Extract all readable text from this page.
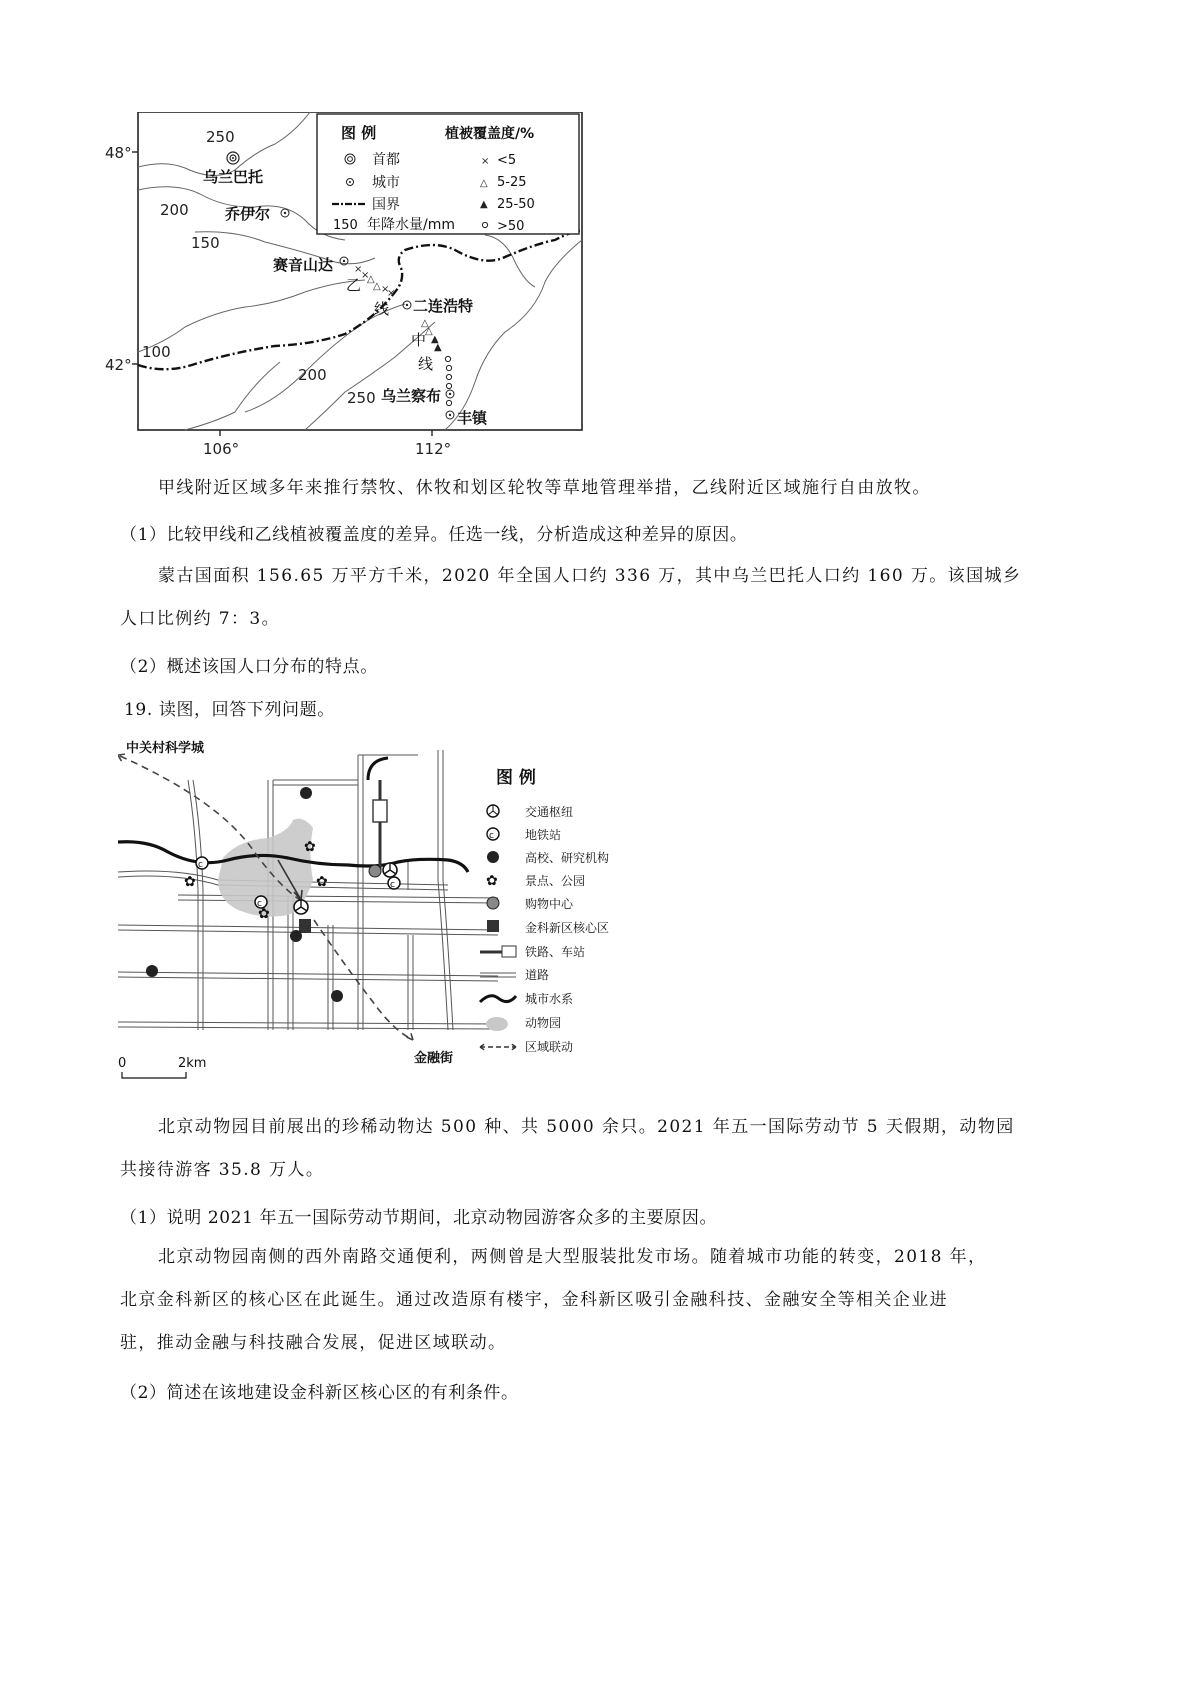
48°
42°
106°	112°
250
200
150
100
200
250
乌兰巴托
乔伊尔
赛音山达
二连浩特
乌兰察布
丰镇
×
×
△
△ ×
×
乙
线
△
△
▲
▲
中
线
图 例	植被覆盖度/%
首都
城市
国界
150 年降水量/mm
× <5
△ 5-25
▲ 25-50
>50
甲线附近区域多年来推行禁牧、休牧和划区轮牧等草地管理举措，乙线附近区域施行自由放牧。
（1）比较甲线和乙线植被覆盖度的差异。任选一线，分析造成这种差异的原因。
蒙古国面积 156.65 万平方千米，2020 年全国人口约 336 万，其中乌兰巴托人口约 160 万。该国城乡
人口比例约 7：3。
（2）概述该国人口分布的特点。
19. 读图，回答下列问题。
c
c
c
✿
✿	✿
✿
中关村科学城
金融街
0	2km
图 例
交通枢纽
c	地铁站
高校、研究机构
✿ 景点、公园
购物中心
金科新区核心区
铁路、车站
道路
城市水系
动物园
区域联动
北京动物园目前展出的珍稀动物达 500 种、共 5000 余只。2021 年五一国际劳动节 5 天假期，动物园
共接待游客 35.8 万人。
（1）说明 2021 年五一国际劳动节期间，北京动物园游客众多的主要原因。
北京动物园南侧的西外南路交通便利，两侧曾是大型服装批发市场。随着城市功能的转变，2018 年，
北京金科新区的核心区在此诞生。通过改造原有楼宇，金科新区吸引金融科技、金融安全等相关企业进
驻，推动金融与科技融合发展，促进区域联动。
（2）简述在该地建设金科新区核心区的有利条件。
